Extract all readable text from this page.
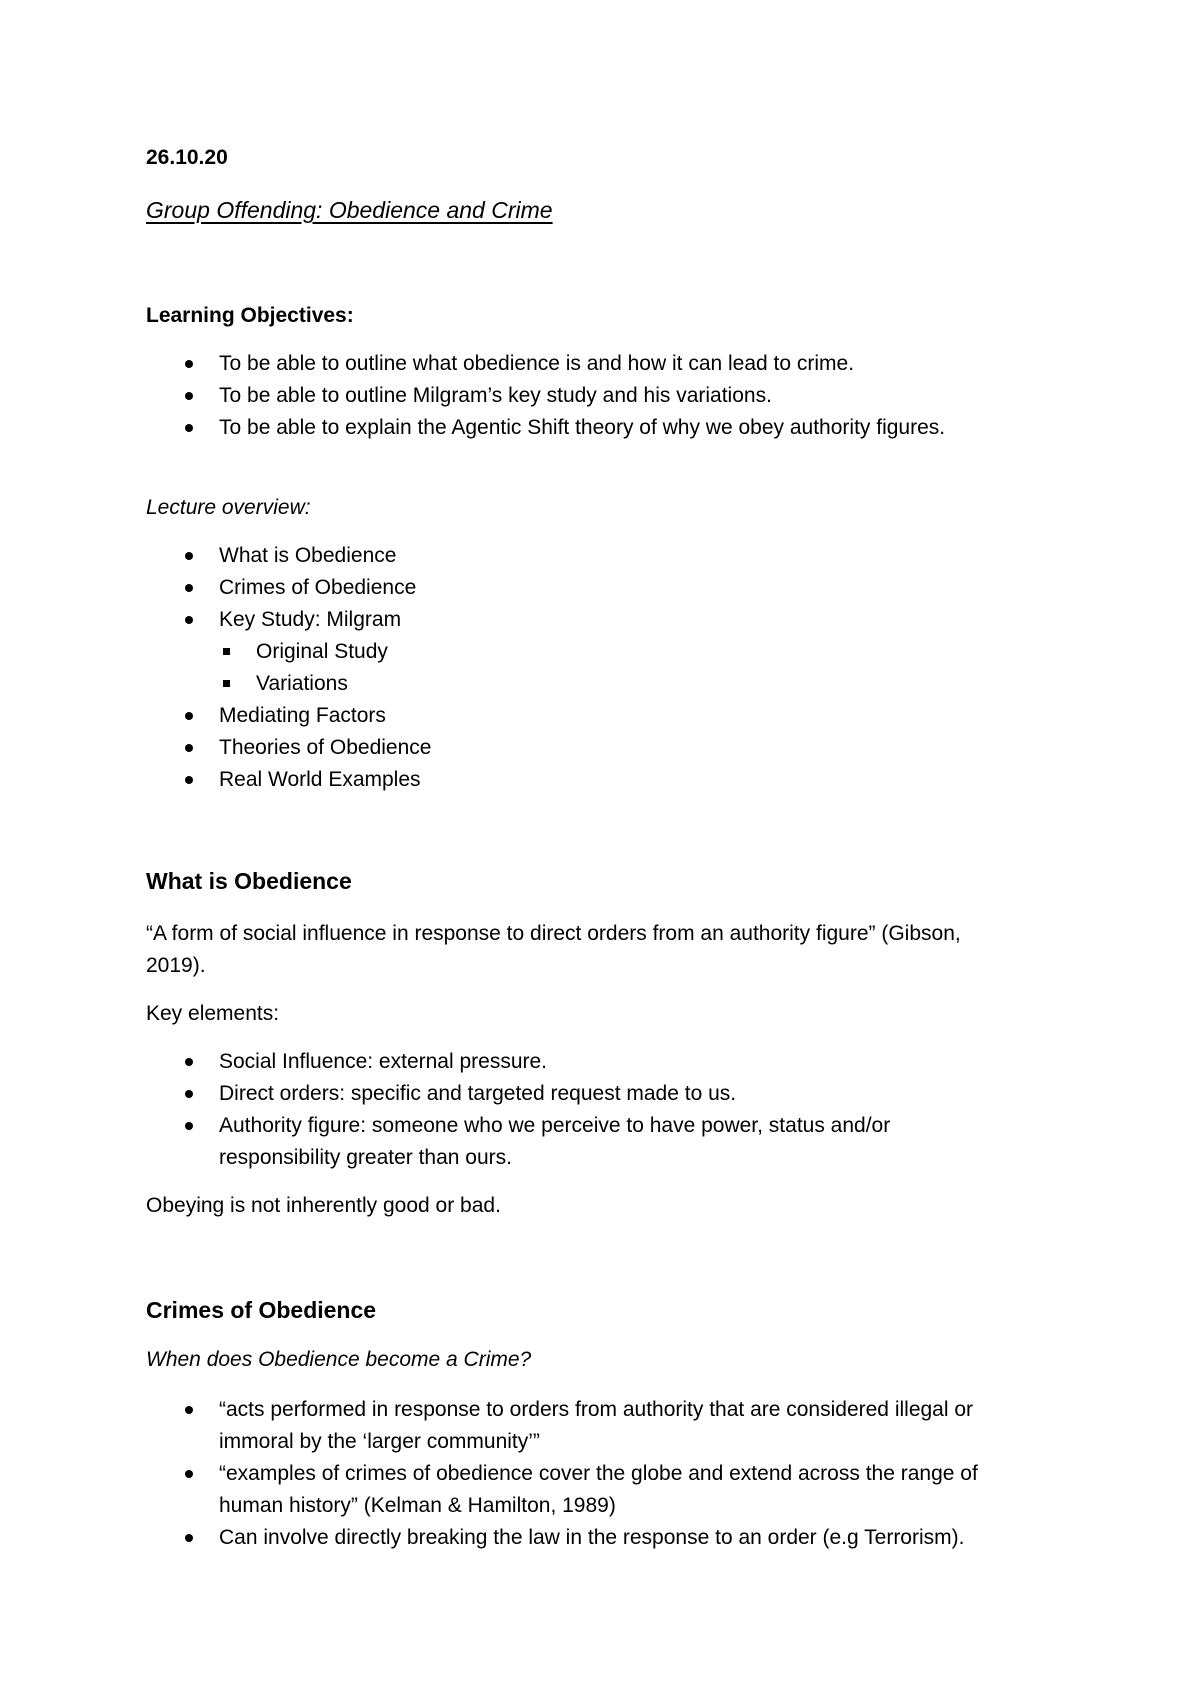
26.10.20

Group Offending: Obedience and Crime

Learning Objectives:

To be able to outline what obedience is and how it can lead to crime.
To be able to outline Milgram’s key study and his variations.
To be able to explain the Agentic Shift theory of why we obey authority figures.

Lecture overview:

What is Obedience
Crimes of Obedience
Key Study: Milgram
Original Study
Variations
Mediating Factors
Theories of Obedience
Real World Examples

What is Obedience

“A form of social influence in response to direct orders from an authority figure” (Gibson,

2019).

Key elements:

Social Influence: external pressure.
Direct orders: specific and targeted request made to us.
Authority figure: someone who we perceive to have power, status and/or
responsibility greater than ours.

Obeying is not inherently good or bad.

Crimes of Obedience

When does Obedience become a Crime?

“acts performed in response to orders from authority that are considered illegal or
immoral by the ‘larger community’”
“examples of crimes of obedience cover the globe and extend across the range of
human history” (Kelman & Hamilton, 1989)
Can involve directly breaking the law in the response to an order (e.g Terrorism).
